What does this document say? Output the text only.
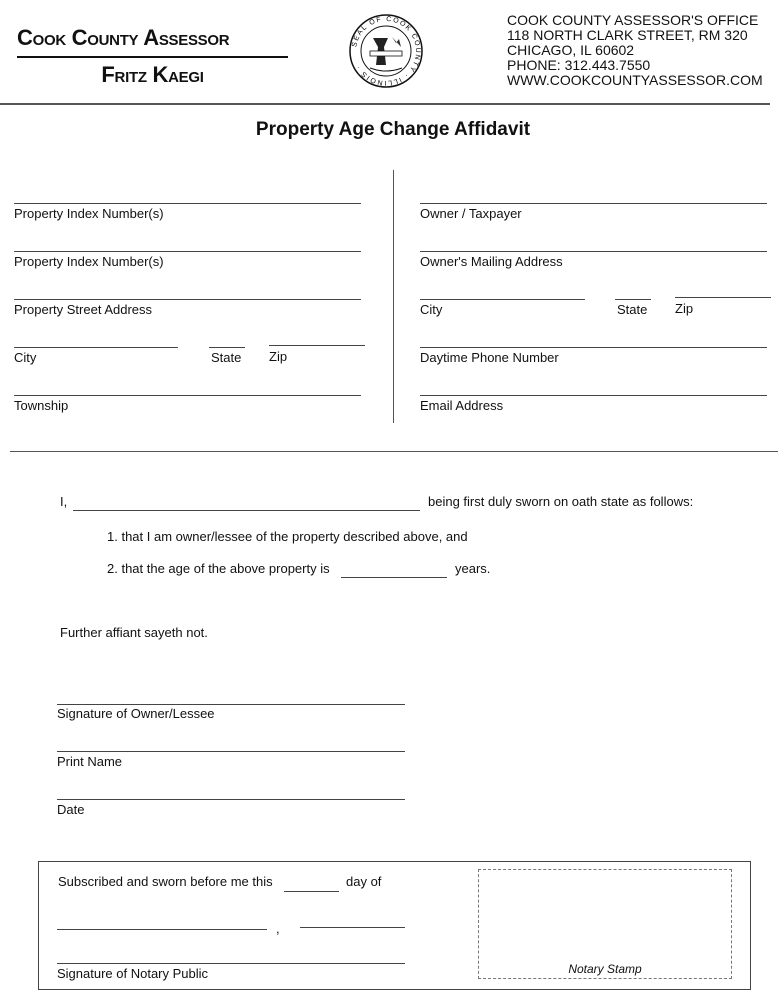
Cook County Assessor
Fritz Kaegi
SEAL OF COOK COUNTY · ILLINOIS ·
COOK COUNTY ASSESSOR'S OFFICE
118 NORTH CLARK STREET, RM 320
CHICAGO, IL 60602
PHONE: 312.443.7550
WWW.COOKCOUNTYASSESSOR.COM
Property Age Change Affidavit
Property Index Number(s)
Property Index Number(s)
Property Street Address
City	State Zip
Township
Owner / Taxpayer
Owner's Mailing Address
City	State Zip
Daytime Phone Number
Email Address
I,	being first duly sworn on oath state as follows:
1. that I am owner/lessee of the property described above, and
2. that the age of the above property is	years.
Further affiant sayeth not.
Signature of Owner/Lessee
Print Name
Date
Subscribed and sworn before me this	day of
,
Signature of Notary Public	Notary Stamp
